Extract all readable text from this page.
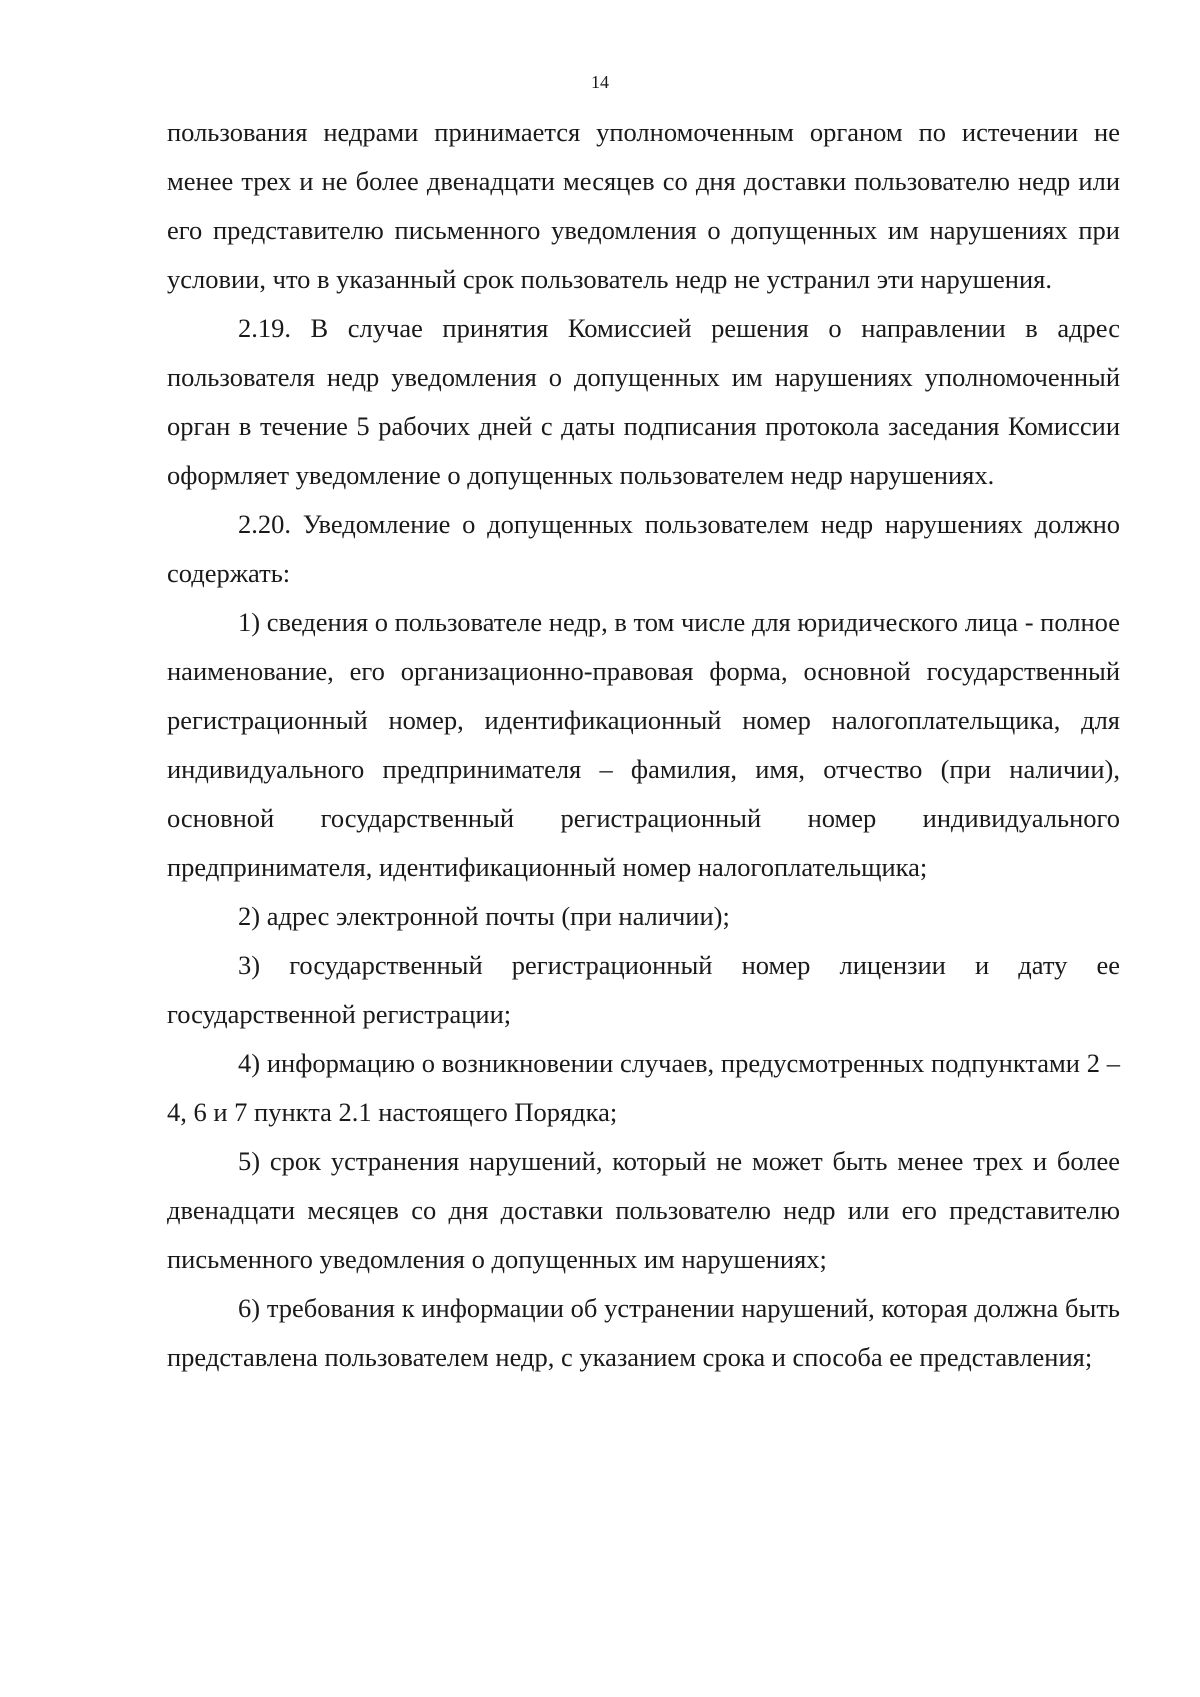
14

пользования недрами принимается уполномоченным органом по истечении не менее трех и не более двенадцати месяцев со дня доставки пользователю недр или его представителю письменного уведомления о допущенных им нарушениях при условии, что в указанный срок пользователь недр не устранил эти нарушения.

2.19. В случае принятия Комиссией решения о направлении в адрес пользователя недр уведомления о допущенных им нарушениях уполномоченный орган в течение 5 рабочих дней с даты подписания протокола заседания Комиссии оформляет уведомление о допущенных пользователем недр нарушениях.

2.20. Уведомление о допущенных пользователем недр нарушениях должно содержать:

1) сведения о пользователе недр, в том числе для юридического лица - полное наименование, его организационно-правовая форма, основной государственный регистрационный номер, идентификационный номер налогоплательщика, для индивидуального предпринимателя – фамилия, имя, отчество (при наличии), основной государственный регистрационный номер индивидуального предпринимателя, идентификационный номер налогоплательщика;

2) адрес электронной почты (при наличии);

3) государственный регистрационный номер лицензии и дату ее государственной регистрации;

4) информацию о возникновении случаев, предусмотренных подпунктами 2 – 4, 6 и 7 пункта 2.1 настоящего Порядка;

5) срок устранения нарушений, который не может быть менее трех и более двенадцати месяцев со дня доставки пользователю недр или его представителю письменного уведомления о допущенных им нарушениях;

6) требования к информации об устранении нарушений, которая должна быть представлена пользователем недр, с указанием срока и способа ее представления;
